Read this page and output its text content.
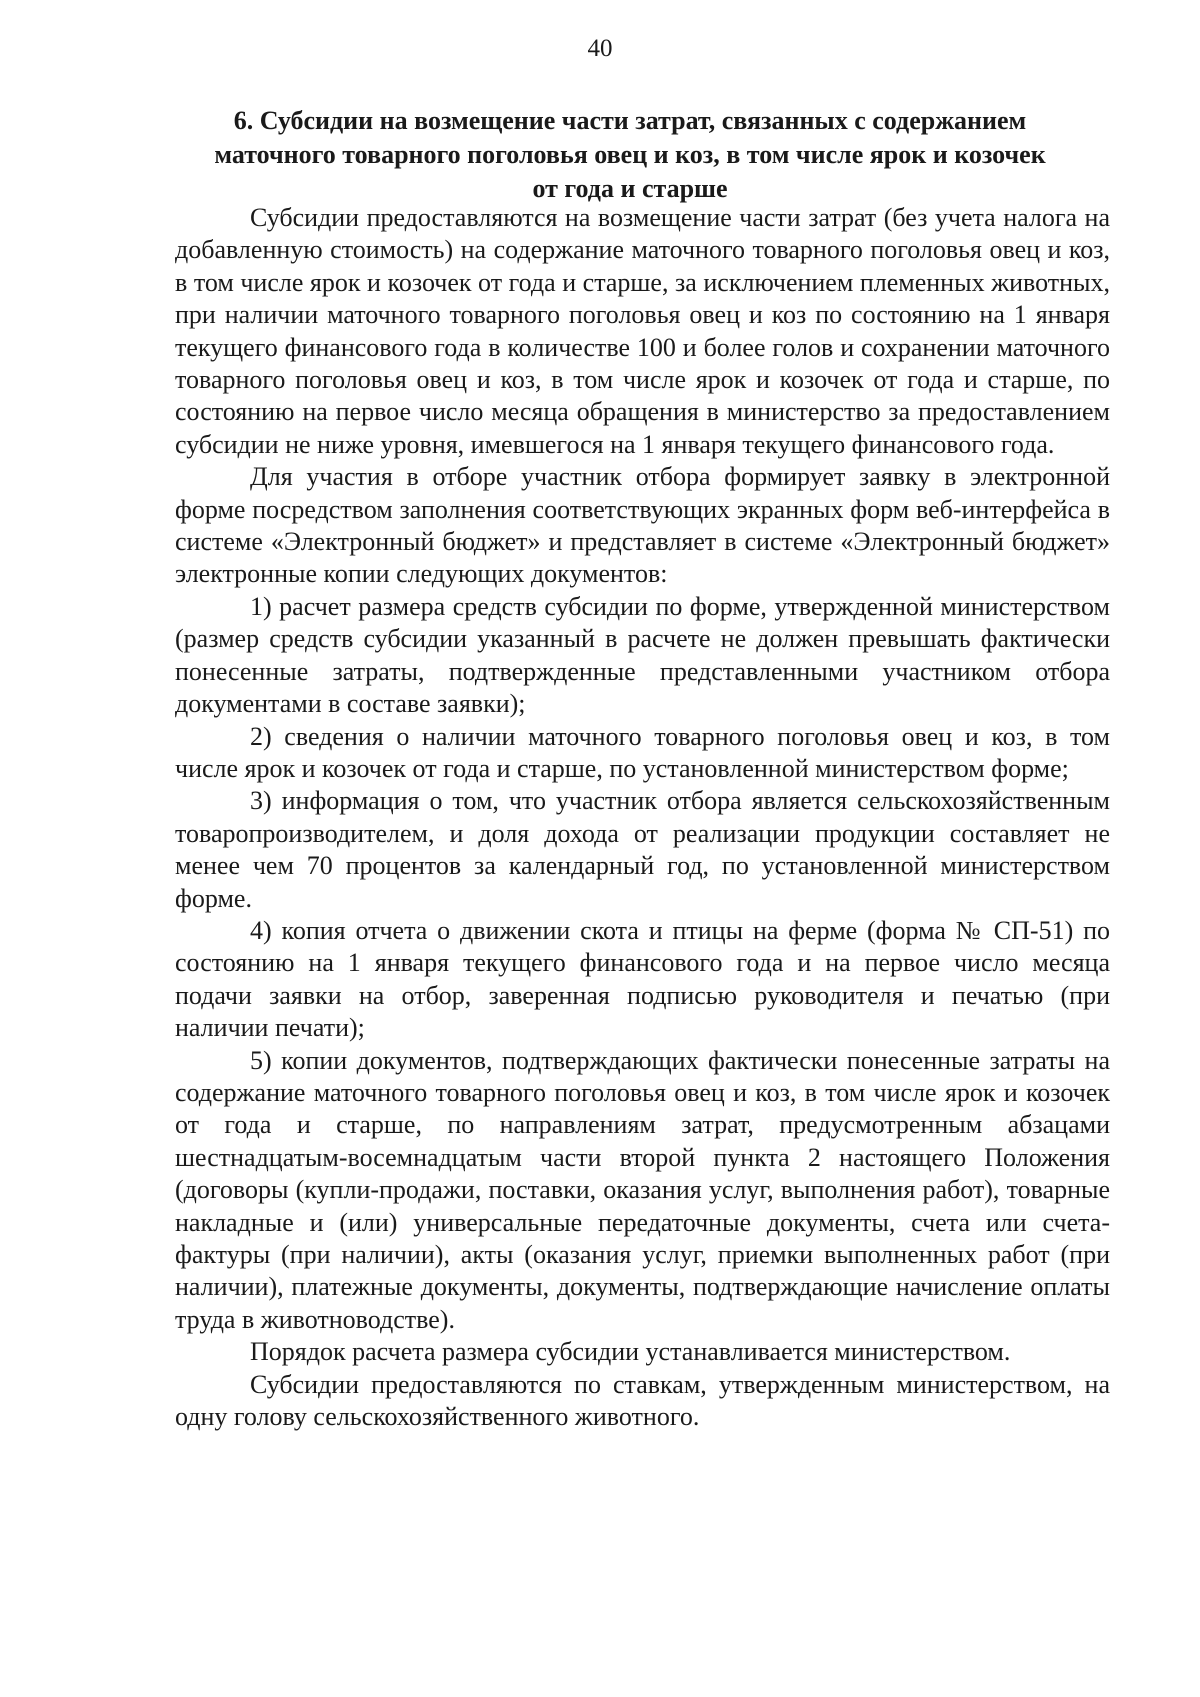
40
6. Субсидии на возмещение части затрат, связанных с содержанием
маточного товарного поголовья овец и коз, в том числе ярок и козочек
от года и старше

Субсидии предоставляются на возмещение части затрат (без учета налога на добавленную стоимость) на содержание маточного товарного поголовья овец и коз, в том числе ярок и козочек от года и старше, за исключением племенных животных, при наличии маточного товарного поголовья овец и коз по состоянию на 1 января текущего финансового года в количестве 100 и более голов и сохранении маточного товарного поголовья овец и коз, в том числе ярок и козочек от года и старше, по состоянию на первое число месяца обращения в министерство за предоставлением субсидии не ниже уровня, имевшегося на 1 января текущего финансового года.

Для участия в отборе участник отбора формирует заявку в электронной форме посредством заполнения соответствующих экранных форм веб-интерфейса в системе «Электронный бюджет» и представляет в системе «Электронный бюджет» электронные копии следующих документов:

1) расчет размера средств субсидии по форме, утвержденной министерством (размер средств субсидии указанный в расчете не должен превышать фактически понесенные затраты, подтвержденные представленными участником отбора документами в составе заявки);

2) сведения о наличии маточного товарного поголовья овец и коз, в том числе ярок и козочек от года и старше, по установленной министерством форме;

3) информация о том, что участник отбора является сельскохозяйственным товаропроизводителем, и доля дохода от реализации продукции составляет не менее чем 70 процентов за календарный год, по установленной министерством форме.

4) копия отчета о движении скота и птицы на ферме (форма № СП-51) по состоянию на 1 января текущего финансового года и на первое число месяца подачи заявки на отбор, заверенная подписью руководителя и печатью (при наличии печати);

5) копии документов, подтверждающих фактически понесенные затраты на содержание маточного товарного поголовья овец и коз, в том числе ярок и козочек от года и старше, по направлениям затрат, предусмотренным абзацами шестнадцатым-восемнадцатым части второй пункта 2 настоящего Положения (договоры (купли-продажи, поставки, оказания услуг, выполнения работ), товарные накладные и (или) универсальные передаточные документы, счета или счета-фактуры (при наличии), акты (оказания услуг, приемки выполненных работ (при наличии), платежные документы, документы, подтверждающие начисление оплаты труда в животноводстве).

Порядок расчета размера субсидии устанавливается министерством.

Субсидии предоставляются по ставкам, утвержденным министерством, на одну голову сельскохозяйственного животного.
